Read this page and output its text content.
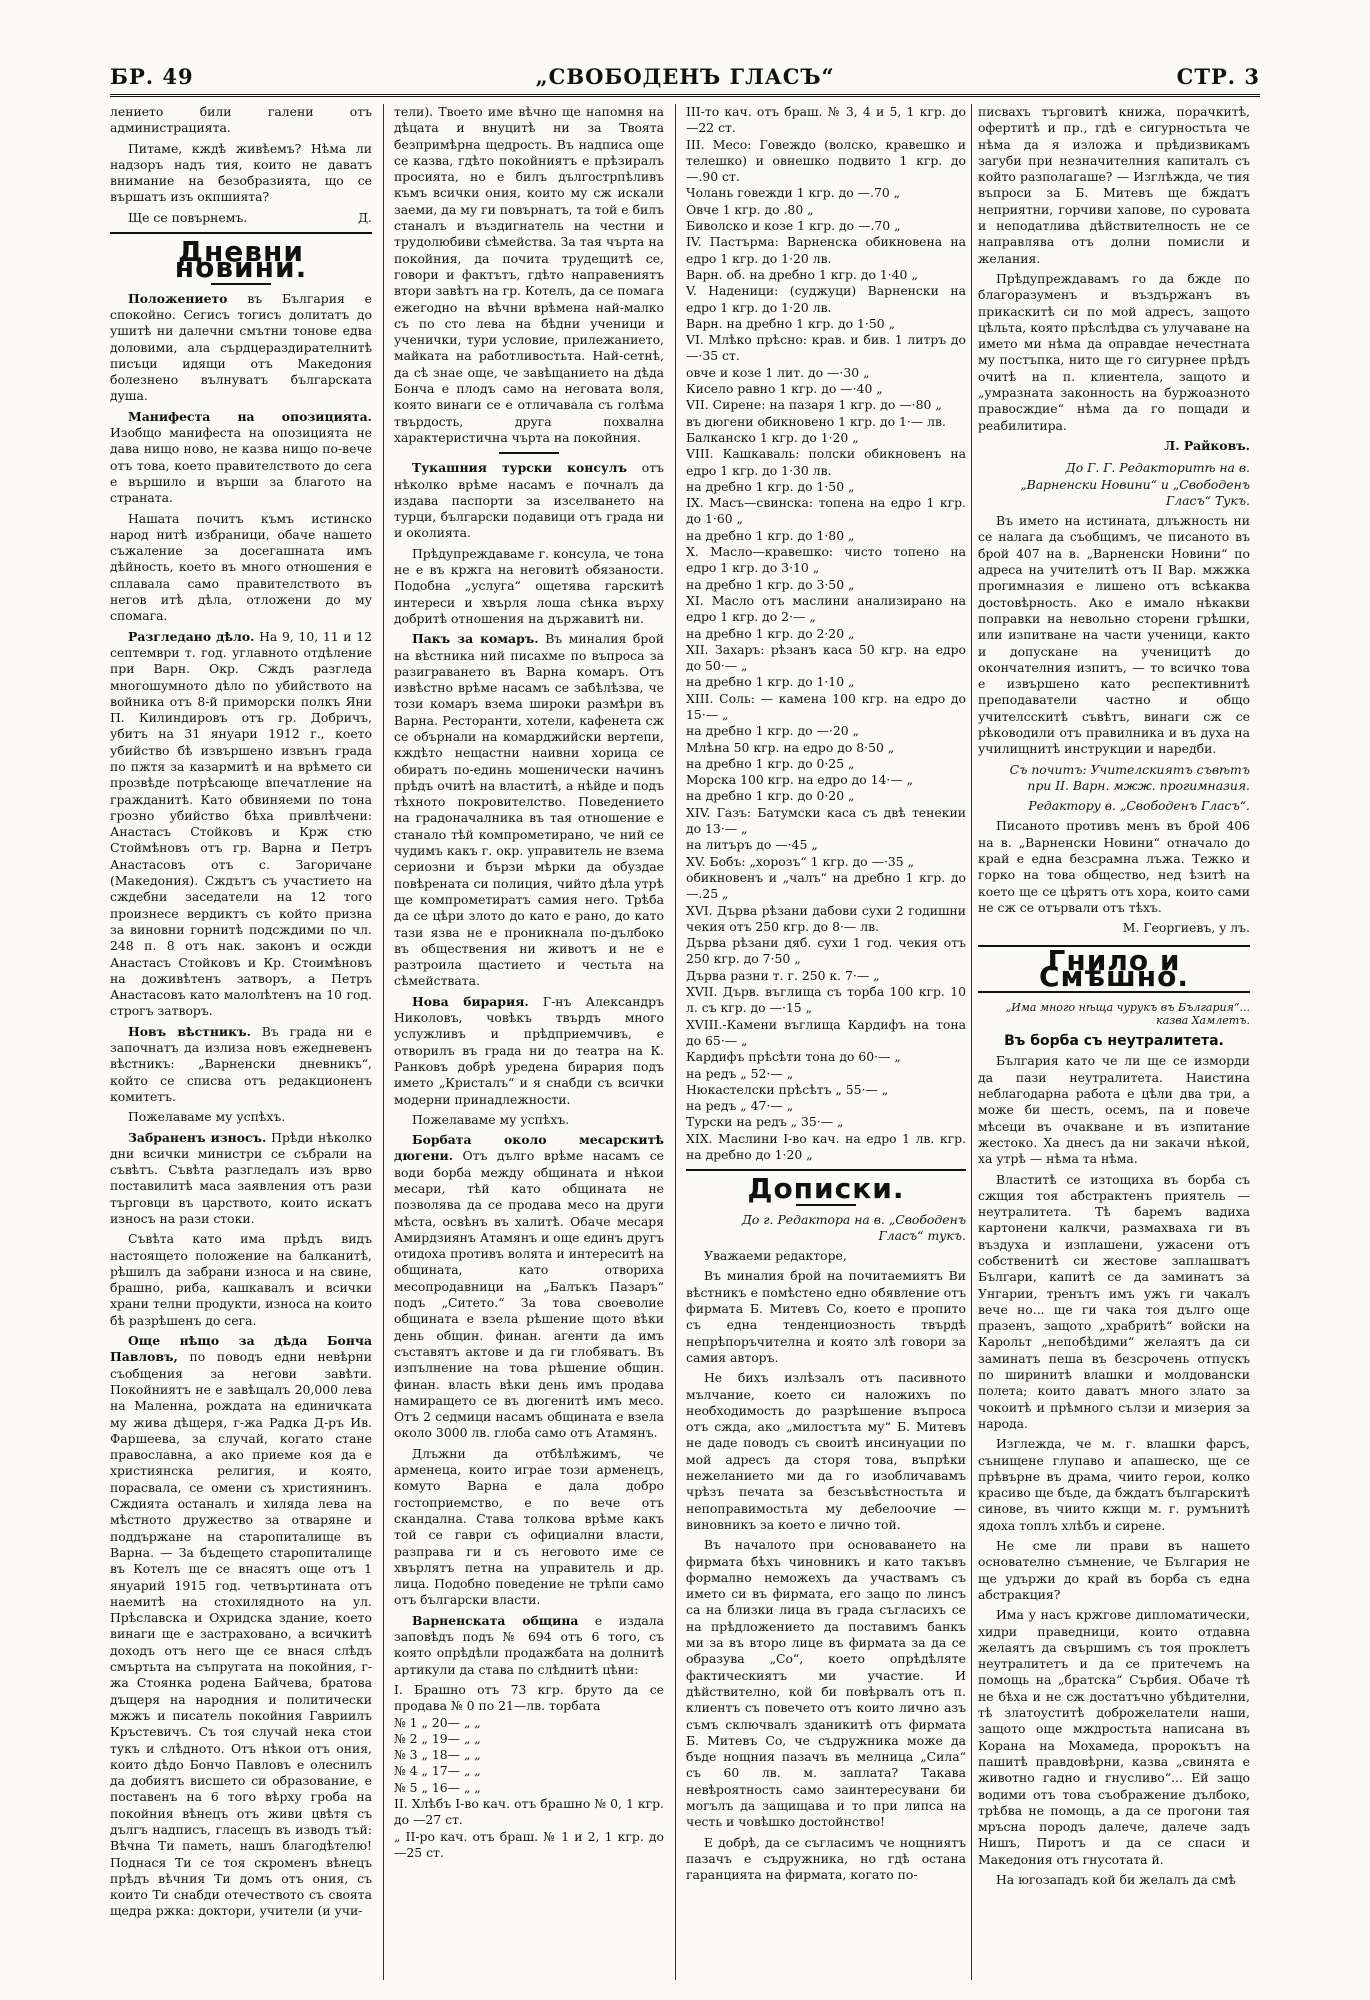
БР. 49	„СВОБОДЕНЪ ГЛАСЪ“	СТР. 3

лението били галени отъ администрацията.

Питаме, кждѣ живѣемъ? Нѣма ли надзоръ надъ тия, които не даватъ внимание на безобразията, що се вършатъ изъ окпшията?

Ще се повърнемъ.	Д.

Дневни новини.

Положението въ България е спокойно. Сегисъ тогисъ долитатъ до ушитѣ ни далечни смътни тонове едва доловими, ала сърдцераздирателнитѣ писъци идящи отъ Македония болезнено вълнуватъ българската душа.

Манифеста на опозицията. Изобщо манифеста на опозицията не дава нищо ново, не казва нищо по-вече отъ това, което правителството до сега е вършило и върши за благото на страната.

Нашата почитъ къмъ истинско народ нитѣ избраници, обаче нашето съжаление за досегашната имъ дѣйность, което въ много отношения е сплавала само правителството въ негов итѣ дѣла, отложени до му спомага.

Разгледано дѣло. На 9, 10, 11 и 12 септември т. год. углавното отдѣление при Варн. Окр. Сждъ разгледа многошумното дѣло по убийството на войника отъ 8-й приморски полкъ Яни П. Килиндировъ отъ гр. Добричъ, убитъ на 31 януари 1912 г., което убийство бѣ извършено извънъ града по пжтя за казармитѣ и на врѣмето си прозвѣде потрѣсающе впечатление на гражданитѣ. Като обвиняеми по тона грозно убийство бѣха привлѣчени: Анастасъ Стойковъ и Крж стю Стоймѣновъ отъ гр. Варна и Петръ Анастасовъ отъ с. Загоричане (Македония). Сждътъ съ участието на сждебни заседатели на 12 того произнесе вердиктъ съ който призна за виновни горнитѣ подсждими по чл. 248 п. 8 отъ нак. законъ и осжди Анастасъ Стойковъ и Кр. Стоимѣновъ на доживѣтенъ затворъ, а Петръ Анастасовъ като малолѣтенъ на 10 год. строгъ затворъ.

Новъ вѣстникъ. Въ града ни е започнатъ да излиза новъ ежедневенъ вѣстникъ: „Варненски дневникъ“, който се списва отъ редакционенъ комитетъ.

Пожелаваме му успѣхъ.

Забраненъ износъ. Прѣди нѣколко дни всички министри се събрали на съвѣтъ. Съвѣта разгледалъ изъ врво поставилитѣ маса заявления отъ рази търговци въ царството, които искатъ износъ на рази стоки.

Съвѣта като има прѣдъ видъ настоящето положение на балканитѣ, рѣшилъ да забрани износа и на свине, брашно, риба, кашкавалъ и всички храни телни продукти, износа на които бѣ разрѣшенъ до сега.

Още нѣщо за дѣда Бонча Павловъ, по поводъ едни невѣрни съобщения за негови завѣти. Покойниятъ не е завѣщалъ 20,000 лева на Маленна, рождата на единичката му жива дѣщеря, г-жа Радка Д-ръ Ив. Фаршеева, за случай, когато стане православна, а ако приеме коя да е християнска религия, и която, порасвала, се омени съ християнинъ. Сждията останалъ и хиляда лева на мѣстното дружество за отваряне и поддържане на старопиталище въ Варна. — За бъдещето старопиталище въ Котелъ ще се внасятъ още отъ 1 януарий 1915 год. четвъртината отъ наемитѣ на стохилядното на ул. Прѣславска и Охридска здание, което винаги ще е застраховано, а всичкитѣ доходъ отъ него ще се внася слѣдъ смъртьта на съпругата на покойния, г-жа Стоянка родена Байчева, братова дъщеря на народния и политически мжжъ и писатель покойния Гавриилъ Кръстевичъ. Съ тоя случай нека стои тукъ и слѣдното. Отъ нѣкои отъ ония, които дѣдо Бончо Павловъ е олеснилъ да добиятъ висшето си образование, е поставенъ на 6 того вѣрху гроба на покойния вѣнецъ отъ живи цвѣтя съ дългъ надписъ, гласещъ въ изводъ тъй: Вѣчна Ти паметь, нашъ благодѣтелю! Поднася Ти се тоя скроменъ вѣнецъ прѣдъ вѣчния Ти домъ отъ ония, съ които Ти снабди отечеството съ своята щедра ржка: доктори, учители (и учи-

тели). Твоето име вѣчно ще напомня на дѣцата и внуцитѣ ни за Твоята безпримѣрна щедрость. Въ надписа още се казва, гдѣто покойниятъ е прѣзиралъ просията, но е билъ дългострпѣливъ къмъ всички ония, които му сж искали заеми, да му ги повърнатъ, та той е билъ станалъ и въздигнатель на честни и трудолюбиви сѣмейства. За тая чърта на покойния, да почита трудещитѣ се, говори и фактътъ, гдѣто направениятъ втори завѣтъ на гр. Котелъ, да се помага ежегодно на вѣчни врѣмена най-малко съ по сто лева на бѣдни ученици и ученички, тури условие, прилежанието, майката на работливостьта. Най-сетнѣ, да сѣ знае още, че завѣщанието на дѣда Бонча е плодъ само на неговата воля, която винаги се е отличавала съ голѣма твърдость, друга похвална характеристична чърта на покойния.

Тукашния турски консулъ отъ нѣколко врѣме насамъ е почналъ да издава паспорти за изселването на турци, български подавици отъ града ни и околията.

Прѣдупреждаваме г. консула, че тона не е въ кржга на неговитѣ обязаности. Подобна „услуга“ ощетява гарскитѣ интереси и хвърля лоша сѣнка върху добритѣ отношения на държавитѣ ни.

Пакъ за комаръ. Въ миналия брой на вѣстника ний писахме по въпроса за разиграването въ Варна комаръ. Отъ извѣстно врѣме насамъ се забѣлѣзва, че този комаръ взема широки размѣри въ Варна. Ресторанти, хотели, кафенета сж се обърнали на комарджийски вертепи, кждѣто нещастни наивни хорица се обиратъ по-единь мошенически начинъ прѣдъ очитѣ на властитѣ, а нѣйде и подъ тѣхното покровителство. Поведението на градоначалника въ тая отношение е станало тѣй компрометирано, че ний се чудимъ какъ г. окр. управитель не взема сериозни и бързи мѣрки да обуздае повѣрената си полиция, чийто дѣла утрѣ ще компрометиратъ самия него. Трѣба да се цѣри злото до като е рано, до като тази язва не е проникнала по-дълбоко въ обществения ни животъ и не е разтроила щастието и честьта на сѣмействата.

Нова бирария. Г-нъ Александръ Николовъ, човѣкъ твърдъ много услужливъ и прѣдприемчивъ, е отворилъ въ града ни до театра на К. Ранковъ добрѣ уредена бирария подъ името „Кристалъ“ и я снабди съ всички модерни принадлежности.

Пожелаваме му успѣхъ.

Борбата около месарскитѣ дюгени. Отъ дълго врѣме насамъ се води борба между общината и нѣкои месари, тѣй като общината не позволява да се продава месо на други мѣста, освѣнъ въ халитѣ. Обаче месаря Амирдзиянъ Атамянъ и още единъ другъ отидоха противъ волята и интереситѣ на общината, като отвориха месопродавници на „Балъкъ Пазаръ“ подъ „Ситето.“ За това своеволие общината е взела рѣшение щото вѣки день общин. финан. агенти да имъ съставятъ актове и да ги глобяватъ. Въ изпълнение на това рѣшение общин. финан. власть вѣки день имъ продава намиращето се въ дюгенитѣ имъ месо. Отъ 2 седмици насамъ общината е взела около 3000 лв. глоба само отъ Атамянъ.

Длъжни да отбѣлѣжимъ, че арменеца, които играе този арменецъ, комуто Варна е дала добро гостоприемство, е по вече отъ скандална. Става толкова врѣме какъ той се гаври съ официални власти, разправа ги и съ неговото име се хвърлятъ петна на управитель и др. лица. Подобно поведение не трѣпи само отъ български власти.

Варненската община е издала заповѣдъ подъ № 694 отъ 6 того, съ която опрѣдѣли продажбата на долнитѣ артикули да става по слѣднитѣ цѣни:

I. Брашно отъ 73 кгр. бруто да се продава № 0 по 21—лв. торбата

№ 1 „ 20— „ „

№ 2 „ 19— „ „

№ 3 „ 18— „ „

№ 4 „ 17— „ „

№ 5 „ 16— „ „

II. Хлѣбъ I-во кач. отъ брашно № 0, 1 кгр. до —27 ст.

„ II-ро кач. отъ браш. № 1 и 2, 1 кгр. до —25 ст.

III-то кач. отъ браш. № 3, 4 и 5, 1 кгр. до —22 ст.

III. Месо: Говеждо (волско, кравешко и телешко) и овнешко подвито 1 кгр. до —.90 ст.

Чолань говежди 1 кгр. до —.70 „

Овче 1 кгр. до .80 „

Биволско и козе 1 кгр. до —.70 „

IV. Пастърма: Варненска обикновена на едро 1 кгр. до 1·20 лв.

Варн. об. на дребно 1 кгр. до 1·40 „

V. Наденици: (суджуци) Варненски на едро 1 кгр. до 1·20 лв.

Варн. на дребно 1 кгр. до 1·50 „

VI. Млѣко прѣсно: крав. и бив. 1 литръ до —·35 ст.

овче и козе 1 лит. до —·30 „

Кисело равно 1 кгр. до —·40 „

VII. Сирене: на пазаря 1 кгр. до —·80 „

въ дюгени обикновено 1 кгр. до 1·— лв.

Балканско 1 кгр. до 1·20 „

VIII. Кашкаваль: полски обикновенъ на едро 1 кгр. до 1·30 лв.

на дребно 1 кгр. до 1·50 „

IX. Масъ—свинска: топена на едро 1 кгр. до 1·60 „

на дребно 1 кгр. до 1·80 „

X. Масло—кравешко: чисто топено на едро 1 кгр. до 3·10 „

на дребно 1 кгр. до 3·50 „

XI. Масло отъ маслини анализирано на едро 1 кгр. до 2·— „

на дребно 1 кгр. до 2·20 „

XII. Захаръ: рѣзанъ каса 50 кгр. на едро до 50·— „

на дребно 1 кгр. до 1·10 „

XIII. Соль: — камена 100 кгр. на едро до 15·— „

на дребно 1 кгр. до —·20 „

Млѣна 50 кгр. на едро до 8·50 „

на дребно 1 кгр. до 0·25 „

Морска 100 кгр. на едро до 14·— „

на дребно 1 кгр. до 0·20 „

XIV. Газъ: Батумски каса съ двѣ тенекии до 13·— „

на литъръ до —·45 „

XV. Бобъ: „хорозъ“ 1 кгр. до —·35 „

обикновенъ и „чалъ“ на дребно 1 кгр. до —.25 „

XVI. Дърва рѣзани дабови сухи 2 годишни чекия отъ 250 кгр. до 8·— лв.

Дърва рѣзани дяб. сухи 1 год. чекия отъ 250 кгр. до 7·50 „

Дърва разни т. г. 250 к. 7·— „

XVII. Дърв. въглища съ торба 100 кгр. 10 л. съ кгр. до —·15 „

XVIII.-Камени въглища Кардифъ на тона до 65·— „

Кардифъ прѣсѣти тона до 60·— „

на редъ „ 52·— „

Нюкастелски прѣсѣтъ „ 55·— „

на редъ „ 47·— „

Турски на редъ „ 35·— „

XIX. Маслини I-во кач. на едро 1 лв. кгр. на дребно до 1·20 „

Дописки.

До г. Редактора на в. „Свободенъ Гласъ“ тукъ.

Уважаеми редакторе,

Въ миналия брой на почитаемиятъ Ви вѣстникъ е помѣстено едно обявление отъ фирмата Б. Митевъ Со, което е пропито съ една тенденциозность твърдѣ непрѣпоръчителна и която злѣ говори за самия авторъ.

Не бихъ излѣзалъ отъ пасивното мълчание, което си наложихъ по необходимость до разрѣшение въпроса отъ сжда, ако „милостъта му“ Б. Митевъ не даде поводъ съ своитѣ инсинуации по мой адресъ да сторя това, въпрѣки нежеланието ми да го изобличавамъ чрѣзъ печата за безсъвѣстностьта и непоправимостьта му дебелоочие — виновникъ за което е лично той.

Въ началото при основаването на фирмата бѣхъ чиновникъ и като такъвъ формално неможехъ да участвамъ съ името си въ фирмата, его защо по линсъ са на близки лица въ града съгласихъ се на прѣдложението да поставимъ банкъ ми за въ второ лице въ фирмата за да се образува „Со“, което опрѣдѣляте фактическиятъ ми участие. И дѣйствително, кой би повѣрвалъ отъ п. клиентъ съ повечето отъ които лично азъ съмъ сключвалъ зданикитѣ отъ фирмата Б. Митевъ Со, че съдружника може да бъде нощния пазачъ въ мелница „Сила“ съ 60 лв. м. заплата? Такава невѣроятность само заинтересувани би могълъ да защищава и то при липса на честь и човѣшко достойнство!

Е добрѣ, да се съгласимъ че нощниятъ пазачъ е съдружника, но гдѣ остана гаранцията на фирмата, когато по-

писвахъ търговитѣ книжа, порачкитѣ, офертитѣ и пр., гдѣ е сигурностьта че нѣма да я изложа и прѣдизвикамъ загуби при незначителния капиталъ съ който разполагаше? — Изглѣжда, че тия въпроси за Б. Митевъ ще бждатъ неприятни, горчиви хапове, по суровата и неподатлива дѣйствителность не се направлява отъ долни помисли и желания.

Прѣдупреждавамъ го да бжде по благоразуменъ и въздържанъ въ прикаскитѣ си по мой адресъ, защото цѣльта, която прѣслѣдва съ улучаване на името ми нѣма да оправдае нечестната му постъпка, нито ще го сигурнее прѣдъ очитѣ на п. клиентела, защото и „умразната законность на буржоазното правосждие“ нѣма да го пощади и реабилитира.

Л. Райковъ.

До Г. Г. Редакторитѣ на в. „Варненски Новини“ и „Свободенъ Гласъ“ Тукъ.

Въ името на истината, длъжность ни се налага да съобщимъ, че писаното въ брой 407 на в. „Варненски Новини“ по адреса на учителитѣ отъ II Вар. мжжка прогимназия е лишено отъ всѣкаква достовѣрность. Ако е имало нѣкакви поправки на невольно сторени грѣшки, или изпитване на части ученици, както и допускане на ученицитѣ до окончателния изпитъ, — то всичко това е извършено като респективнитѣ преподаватели частно и общо учителсскитѣ съвѣтъ, винаги сж се рѣководили отъ правилника и въ духа на училищнитѣ инструкции и наредби.

Съ почитъ: Учителскиятъ съвѣтъ при II. Варн. мжж. прогимназия.

Редактору в. „Свободенъ Гласъ“.

Писаното противъ менъ въ брой 406 на в. „Варненски Новини“ отначало до край е една безсрамна лъжа. Тежко и горко на това общество, нед ѣзитѣ на което ще се цѣрятъ отъ хора, които сами не сж се отървали отъ тѣхъ.

М. Георгиевъ, у лъ.

Гнило и Смѣшно.

„Има много нѣща чурукъ въ България“... казва Хамлетъ.

Въ борба съ неутралитета.

България като че ли ще се изморди да пази неутралитета. Наистина неблагодарна работа е цѣли два три, а може би шесть, осемъ, па и повече мѣсеци въ очакване и въ изпитание жестоко. Ха днесъ да ни закачи нѣкой, ха утрѣ — нѣма та нѣма.

Властитѣ се изтощиха въ борба съ сжщия тоя абстрактенъ приятель — неутралитета. Тѣ баремъ вадиха картонени калкчи, размахваха ги въ въздуха и изплашени, ужасени отъ собственитѣ си жестове заплашватъ Българи, капитѣ се да заминатъ за Унгарии, тренътъ имъ ужъ ги чакалъ вече но... ще ги чака тоя дълго още празенъ, защото „храбритѣ“ войски на Карольт „непобѣдими“ желаятъ да си заминатъ пеша въ безсрочень отпускъ по ширинитѣ влашки и молдовански полета; които даватъ много злато за чокоитѣ и прѣмного сълзи и мизерия за народа.

Изглежда, че м. г. влашки фарсъ, сънищене глупаво и апашеско, ще се прѣвърне въ драма, чиито герои, колко красиво ще бъде, да бждатъ българскитѣ синове, въ чиито кжщи м. г. румънитѣ ядоха топлъ хлѣбъ и сирене.

Не сме ли прави въ нашето основателно съмнение, че България не ще удържи до край въ борба съ една абстракция?

Има у насъ кржгове дипломатически, хидри праведници, които отдавна желаятъ да свършимъ съ тоя проклетъ неутралитетъ и да се притечемъ на помощь на „братска“ Сърбия. Обаче тѣ не бѣха и не сж достатъчно убѣдителни, тѣ златоуститѣ доброжелатели наши, защото още мждростьта написана въ Корана на Мохамеда, пророкътъ на пашитѣ правдовѣрни, казва „свинята е животно гадно и гнусливо“... Ей защо водими отъ това съображение дълбоко, трѣбва не помощь, а да се прогони тая мръсна породъ далече, далече задъ Нишъ, Пиротъ и да се спаси и Македония отъ гнусотата й.

На югозападъ кой би желалъ да смѣ
